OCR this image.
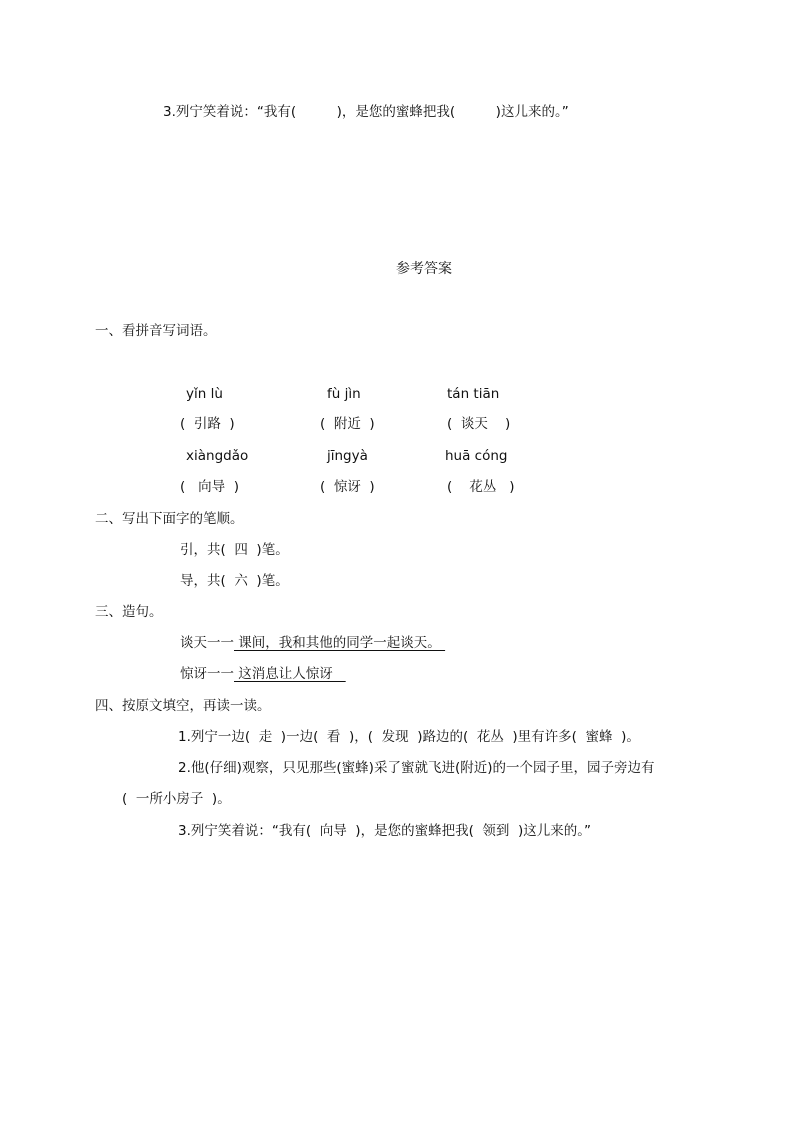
3.列宁笑着说：“我有(　　　)，是您的蜜蜂把我(　　　)这儿来的。”
参考答案
一、看拼音写词语。
yǐn lù	fù jìn	tán tiān
(  引路  )	(  附近  )	(  谈天    )
xiàngdǎo	jīngyà	huā cóng
(   向导  )	(  惊讶  )	(    花丛   )
二、写出下面字的笔顺。
引，共(  四  )笔。
导，共(  六  )笔。
三、造句。
谈天一一 课间，我和其他的同学一起谈天。
惊讶一一 这消息让人惊讶
四、按原文填空，再读一读。
1.列宁一边(  走  )一边(  看  )，(  发现  )路边的(  花丛  )里有许多(  蜜蜂  )。
2.他(仔细)观察，只见那些(蜜蜂)采了蜜就飞进(附近)的一个园子里，园子旁边有
(  一所小房子  )。
3.列宁笑着说：“我有(  向导  )，是您的蜜蜂把我(  领到  )这儿来的。”
